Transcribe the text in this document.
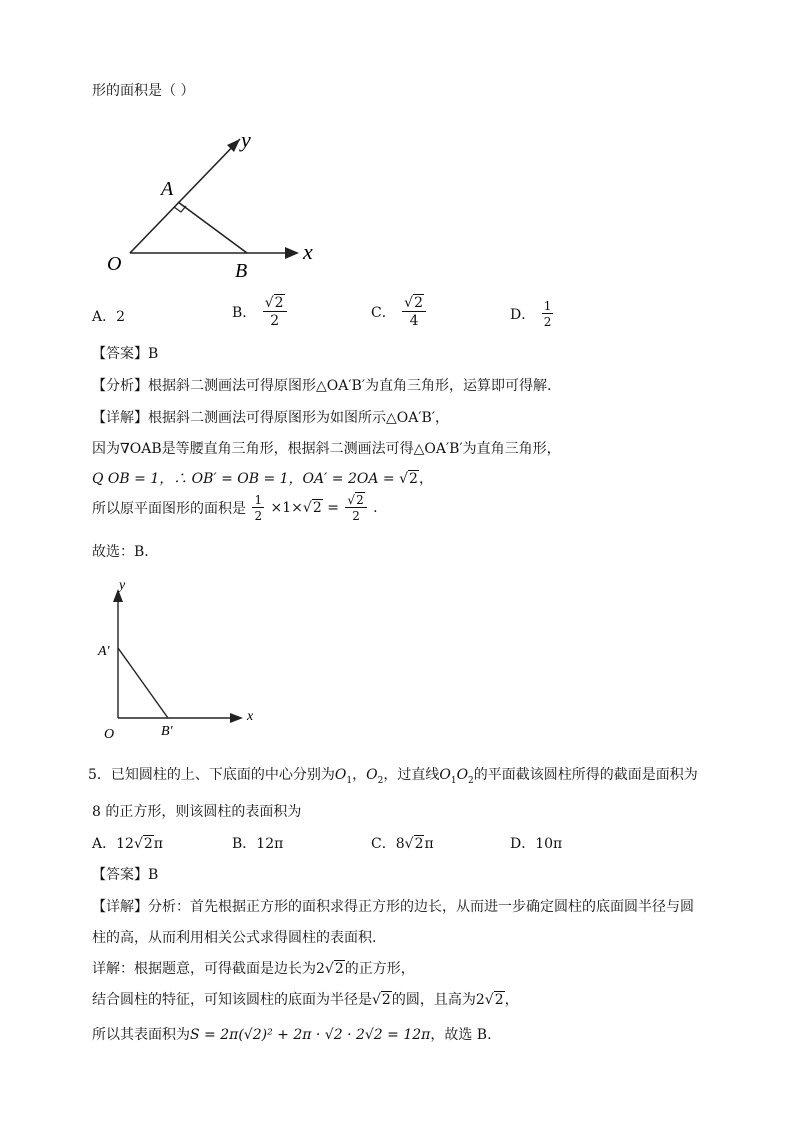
形的面积是（ ）
y
x
A
O	B
A．2	B． $\frac{√2}{2}$	C． $\frac{√2}{4}$	D． $\frac{1}{2}$
【答案】B
【分析】根据斜二测画法可得原图形△OA′B′为直角三角形，运算即可得解.
【详解】根据斜二测画法可得原图形为如图所示△OA′B′，
因为∇OAB是等腰直角三角形，根据斜二测画法可得△OA′B′为直角三角形，
Q OB = 1，∴ OB′ = OB = 1，OA′ = 2OA = √2，
所以原平面图形的面积是 $\frac{1}{2} \times 1\times√2 = \frac{√2}{2}$ .
故选：B.
y
x
A′
O	B′
5．已知圆柱的上、下底面的中心分别为$O_1$，$O_2$，过直线$O_1O_2$的平面截该圆柱所得的截面是面积为
8 的正方形，则该圆柱的表面积为
A．12√2π	B．12π	C．8√2π	D．10π
【答案】B
【详解】分析：首先根据正方形的面积求得正方形的边长，从而进一步确定圆柱的底面圆半径与圆
柱的高，从而利用相关公式求得圆柱的表面积.
详解：根据题意，可得截面是边长为2√2的正方形，
结合圆柱的特征，可知该圆柱的底面为半径是√2的圆，且高为2√2，
所以其表面积为S = 2π(√2)² + 2π · √2 · 2√2 = 12π，故选 B.
